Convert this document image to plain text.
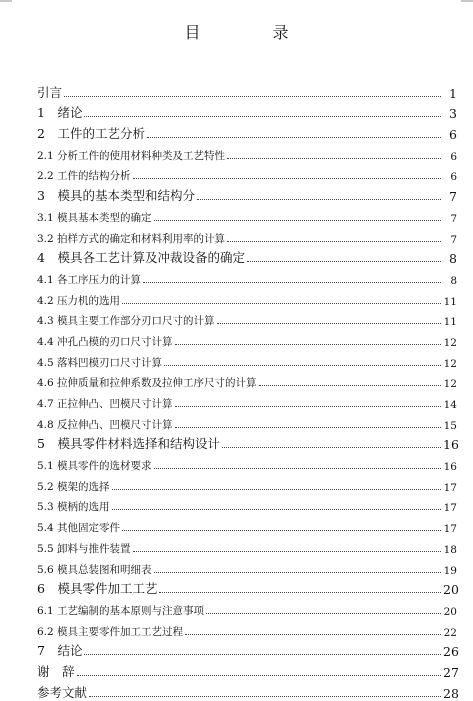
目　录
引言	1
1　绪论	3
2　工件的工艺分析	6
2.1 分析工件的使用材料种类及工艺特性	6
2.2 工件的结构分析	6
3　模具的基本类型和结构分	7
3.1 模具基本类型的确定	7
3.2 拍样方式的确定和材料利用率的计算	7
4　模具各工艺计算及冲裁设备的确定	8
4.1 各工序压力的计算	8
4.2 压力机的选用	11
4.3 模具主要工作部分刃口尺寸的计算	11
4.4 冲孔凸模的刃口尺寸计算	12
4.5 落料凹模刃口尺寸计算	12
4.6 拉伸质量和拉伸系数及拉伸工序尺寸的计算	12
4.7 正拉伸凸、凹模尺寸计算	14
4.8 反拉伸凸、凹模尺寸计算	15
5　模具零件材料选择和结构设计	16
5.1 模具零件的选材要求	16
5.2 模架的选择	17
5.3 模柄的选用	17
5.4 其他固定零件	17
5.5 卸料与推件装置	18
5.6 模具总装图和明细表	19
6　模具零件加工工艺	20
6.1 工艺编制的基本原则与注意事项	20
6.2 模具主要零件加工工艺过程	22
7　结论	26
谢　辞	27
参考文献	28
